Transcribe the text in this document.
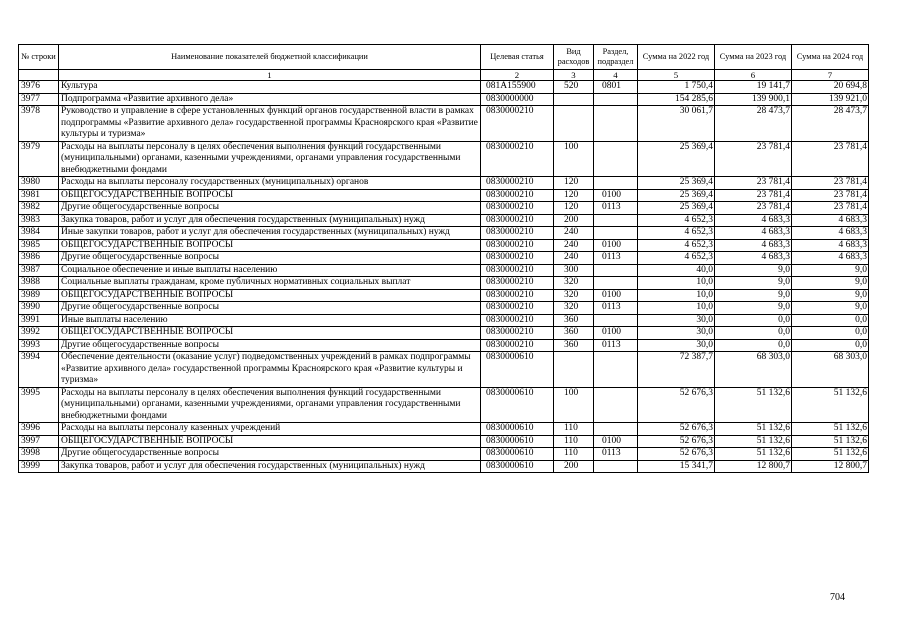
№ строки	Наименование показателей бюджетной классификации	Целевая статья	Вид расходов	Раздел, подраздел	Сумма на 2022 год	Сумма на 2023 год	Сумма на 2024 год
	1	2	3	4	5	6	7
3976	Культура	081А155900	520	0801	1 750,4	19 141,7	20 694,8
3977	Подпрограмма «Развитие архивного дела»	0830000000			154 285,6	139 900,1	139 921,0
3978	Руководство и управление в сфере установленных функций органов государственной власти в рамках подпрограммы «Развитие архивного дела» государственной программы Красноярского края «Развитие культуры и туризма»	0830000210			30 061,7	28 473,7	28 473,7
3979	Расходы на выплаты персоналу в целях обеспечения выполнения функций государственными (муниципальными) органами, казенными учреждениями, органами управления государственными внебюджетными фондами	0830000210	100		25 369,4	23 781,4	23 781,4
3980	Расходы на выплаты персоналу государственных (муниципальных) органов	0830000210	120		25 369,4	23 781,4	23 781,4
3981	ОБЩЕГОСУДАРСТВЕННЫЕ ВОПРОСЫ	0830000210	120	0100	25 369,4	23 781,4	23 781,4
3982	Другие общегосударственные вопросы	0830000210	120	0113	25 369,4	23 781,4	23 781,4
3983	Закупка товаров, работ и услуг для обеспечения государственных (муниципальных) нужд	0830000210	200		4 652,3	4 683,3	4 683,3
3984	Иные закупки товаров, работ и услуг для обеспечения государственных (муниципальных) нужд	0830000210	240		4 652,3	4 683,3	4 683,3
3985	ОБЩЕГОСУДАРСТВЕННЫЕ ВОПРОСЫ	0830000210	240	0100	4 652,3	4 683,3	4 683,3
3986	Другие общегосударственные вопросы	0830000210	240	0113	4 652,3	4 683,3	4 683,3
3987	Социальное обеспечение и иные выплаты населению	0830000210	300		40,0	9,0	9,0
3988	Социальные выплаты гражданам, кроме публичных нормативных социальных выплат	0830000210	320		10,0	9,0	9,0
3989	ОБЩЕГОСУДАРСТВЕННЫЕ ВОПРОСЫ	0830000210	320	0100	10,0	9,0	9,0
3990	Другие общегосударственные вопросы	0830000210	320	0113	10,0	9,0	9,0
3991	Иные выплаты населению	0830000210	360		30,0	0,0	0,0
3992	ОБЩЕГОСУДАРСТВЕННЫЕ ВОПРОСЫ	0830000210	360	0100	30,0	0,0	0,0
3993	Другие общегосударственные вопросы	0830000210	360	0113	30,0	0,0	0,0
3994	Обеспечение деятельности (оказание услуг) подведомственных учреждений в рамках подпрограммы «Развитие архивного дела» государственной программы Красноярского края «Развитие культуры и туризма»	0830000610			72 387,7	68 303,0	68 303,0
3995	Расходы на выплаты персоналу в целях обеспечения выполнения функций государственными (муниципальными) органами, казенными учреждениями, органами управления государственными внебюджетными фондами	0830000610	100		52 676,3	51 132,6	51 132,6
3996	Расходы на выплаты персоналу казенных учреждений	0830000610	110		52 676,3	51 132,6	51 132,6
3997	ОБЩЕГОСУДАРСТВЕННЫЕ ВОПРОСЫ	0830000610	110	0100	52 676,3	51 132,6	51 132,6
3998	Другие общегосударственные вопросы	0830000610	110	0113	52 676,3	51 132,6	51 132,6
3999	Закупка товаров, работ и услуг для обеспечения государственных (муниципальных) нужд	0830000610	200		15 341,7	12 800,7	12 800,7
704
